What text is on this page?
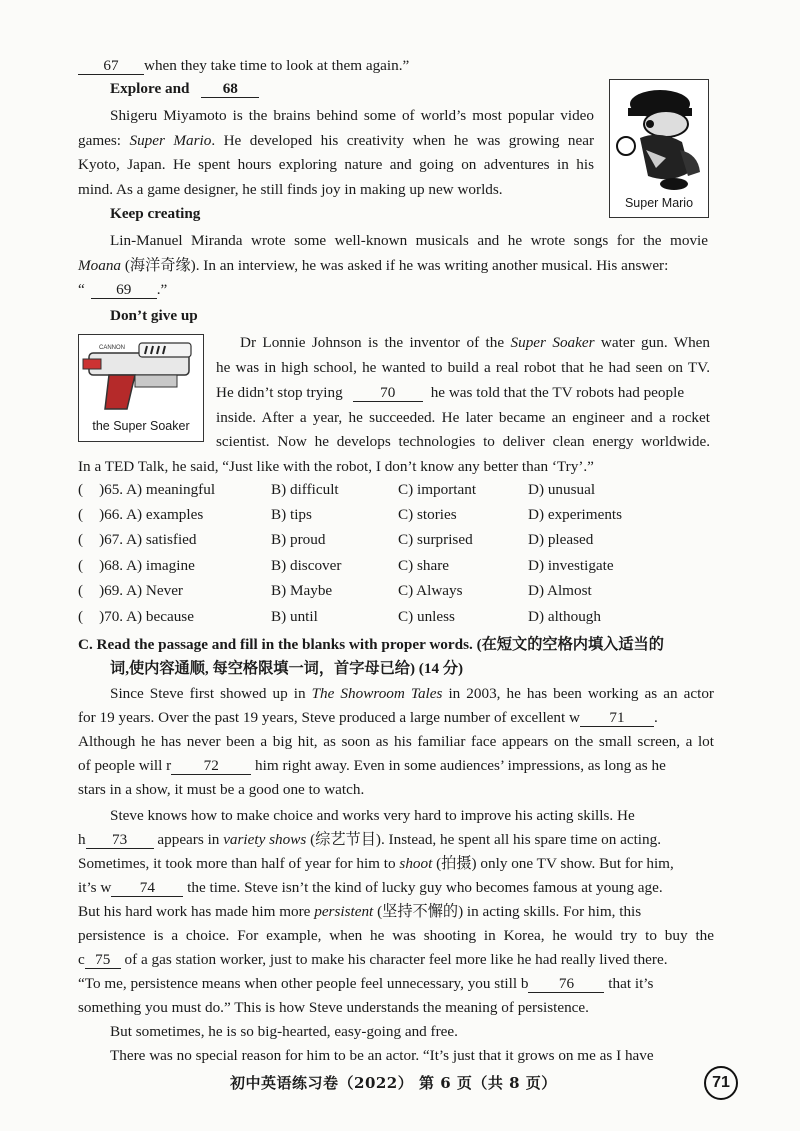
67 when they take time to look at them again.”
Explore and 68
Shigeru Miyamoto is the brains behind some of world’s most popular video
games: Super Mario. He developed his creativity when he was growing near
Kyoto, Japan. He spent hours exploring nature and going on adventures in his
mind. As a game designer, he still finds joy in making up new worlds.
Super Mario
Keep creating
Lin-Manuel Miranda wrote some well-known musicals and he wrote songs for the movie
Moana (海洋奇缘). In an interview, he was asked if he was writing another musical. His answer:
“ 69 .”
Don’t give up
CANNON
the Super Soaker
Dr Lonnie Johnson is the inventor of the Super Soaker water gun. When
he was in high school, he wanted to build a real robot that he had seen on TV.
He didn’t stop trying 70 he was told that the TV robots had people
inside. After a year, he succeeded. He later became an engineer and a rocket
scientist. Now he develops technologies to deliver clean energy worldwide.
In a TED Talk, he said, “Just like with the robot, I don’t know any better than ‘Try’.”
( )65. A) meaningful	B) difficult	C) important	D) unusual
( )66. A) examples	B) tips	C) stories	D) experiments
( )67. A) satisfied	B) proud	C) surprised	D) pleased
( )68. A) imagine	B) discover	C) share	D) investigate
( )69. A) Never	B) Maybe	C) Always	D) Almost
( )70. A) because	B) until	C) unless	D) although
C. Read the passage and fill in the blanks with proper words. (在短文的空格内填入适当的
词,使内容通顺, 每空格限填一词，首字母已给) (14 分)
Since Steve first showed up in The Showroom Tales in 2003, he has been working as an actor
for 19 years. Over the past 19 years, Steve produced a large number of excellent w 71 .
Although he has never been a big hit, as soon as his familiar face appears on the small screen, a lot
of people will r 72 him right away. Even in some audiences’ impressions, as long as he
stars in a show, it must be a good one to watch.
Steve knows how to make choice and works very hard to improve his acting skills. He
h 73 appears in variety shows (综艺节目). Instead, he spent all his spare time on acting.
Sometimes, it took more than half of year for him to shoot (拍摄) only one TV show. But for him,
it’s w 74 the time. Steve isn’t the kind of lucky guy who becomes famous at young age.
But his hard work has made him more persistent (坚持不懈的) in acting skills. For him, this
persistence is a choice. For example, when he was shooting in Korea, he would try to buy the
c 75 of a gas station worker, just to make his character feel more like he had really lived there.
“To me, persistence means when other people feel unnecessary, you still b 76 that it’s
something you must do.” This is how Steve understands the meaning of persistence.
But sometimes, he is so big-hearted, easy-going and free.
There was no special reason for him to be an actor. “It’s just that it grows on me as I have
初中英语练习卷（2022） 第 6 页（共 8 页）	71
